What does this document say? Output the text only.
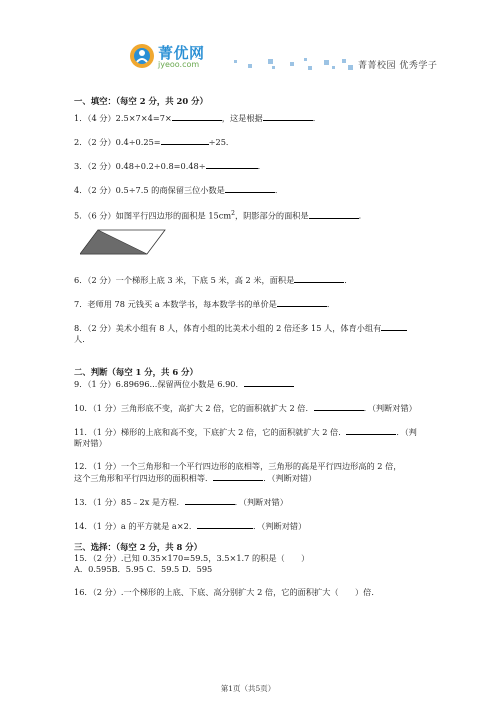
菁优网
jyeoo.com	菁菁校园 优秀学子

一、填空：（每空 2 分，共 20 分）

1．（4 分）2.5×7×4=7×	，这是根据	．

2．（2 分）0.4÷0.25=	÷25．

3．（2 分）0.48÷0.2÷0.8=0.48÷	．

4．（2 分）0.5÷7.5 的商保留三位小数是	．

5．（6 分）如图平行四边形的面积是 $15cm^2$，阴影部分的面积是	．

6．（2 分）一个梯形上底 3 米，下底 5 米，高 2 米，面积是	．

7．老师用 78 元钱买 a 本数学书，每本数学书的单价是	．

8．（2 分）美术小组有 8 人，体育小组的比美术小组的 2 倍还多 15 人，体育小组有

人．

二、判断（每空 1 分，共 6 分）

9．（1 分）6.89696...保留两位小数是 6.90．

10．（1 分）三角形底不变，高扩大 2 倍，它的面积就扩大 2 倍．	．（判断对错）

11．（1 分）梯形的上底和高不变，下底扩大 2 倍，它的面积就扩大 2 倍．	．（判

断对错）

12．（1 分）一个三角形和一个平行四边形的底相等，三角形的高是平行四边形高的 2 倍，

这个三角形和平行四边形的面积相等．	．（判断对错）

13．（1 分）85﹣2x 是方程．	．（判断对错）

14．（1 分）a 的平方就是 a×2．	．（判断对错）

三、选择：（每空 2 分，共 8 分）

15．（2 分）.已知 0.35×170=59.5，3.5×1.7 的积是（　　）

A．0.595B．5.95 C．59.5 D．595

16．（2 分）.一个梯形的上底、下底、高分别扩大 2 倍，它的面积扩大（　　）倍．

第1页（共5页）
